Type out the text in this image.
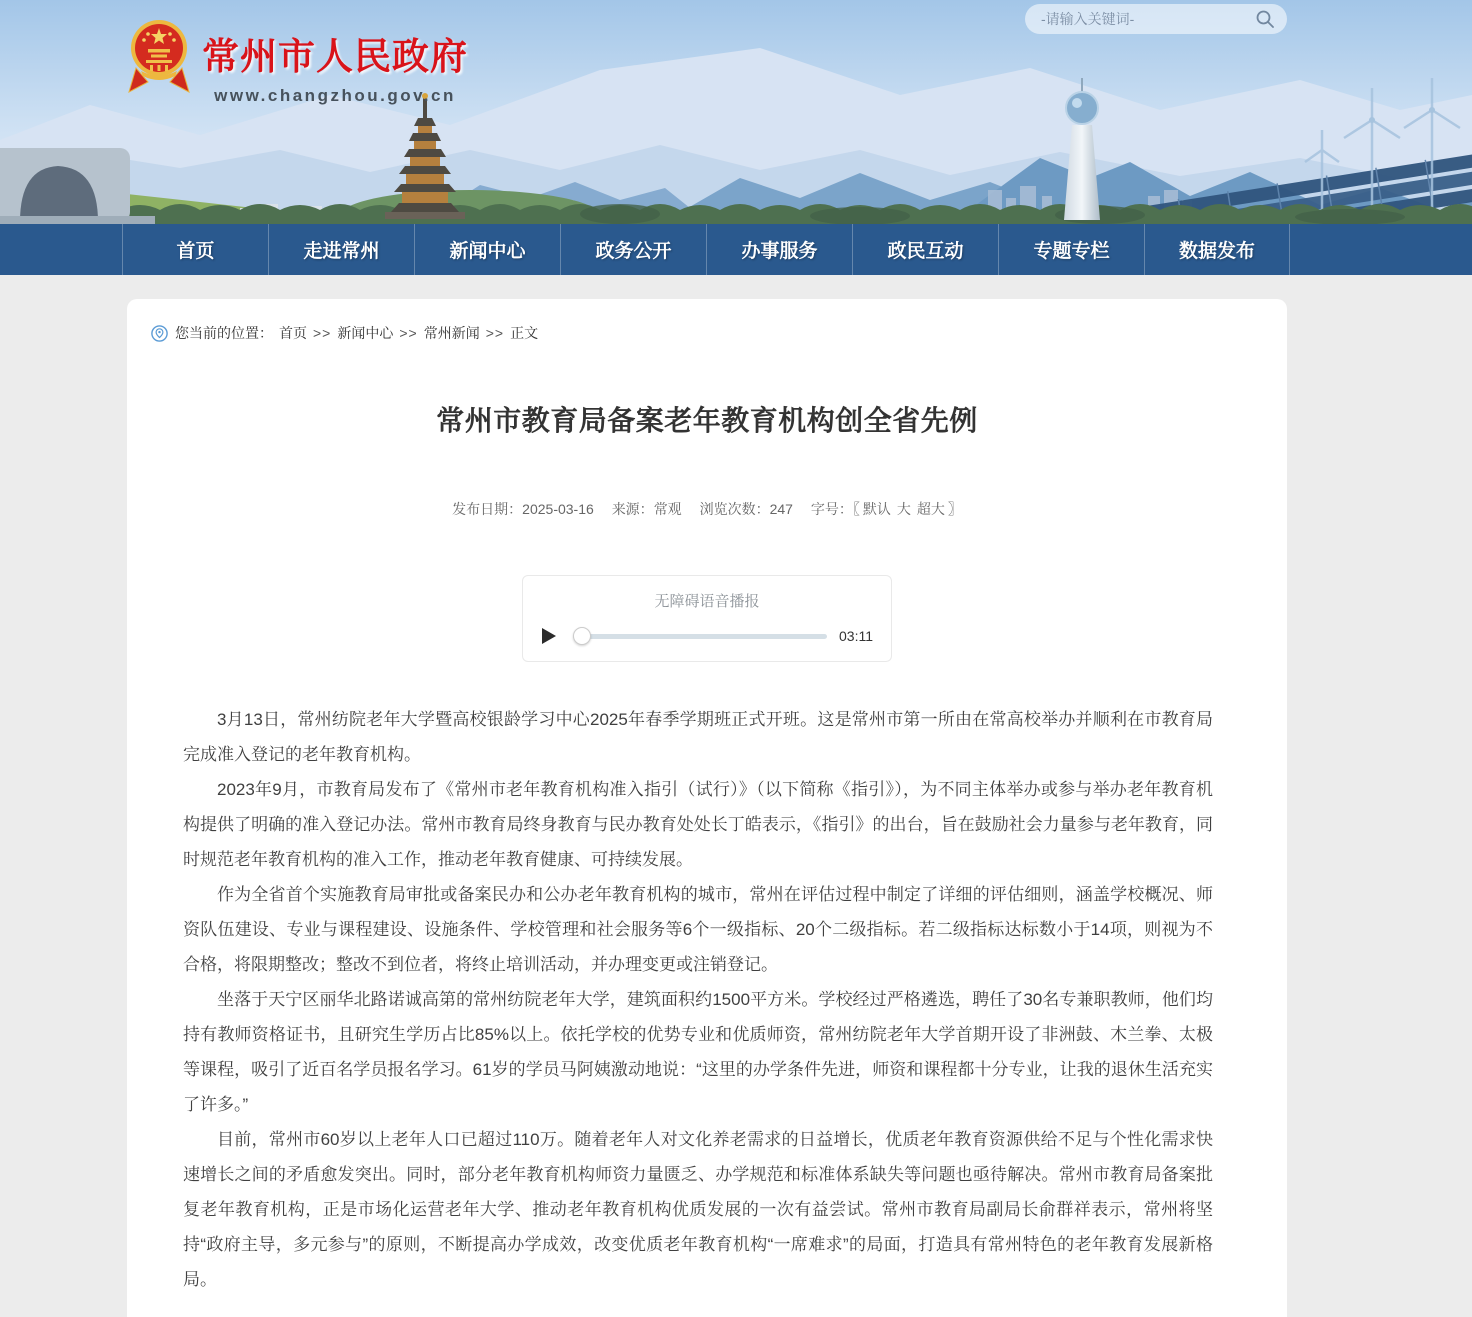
常州市人民政府
www.changzhou.gov.cn
-请输入关键词-
首页	走进常州	新闻中心	政务公开	办事服务	政民互动	专题专栏	数据发布
您当前的位置： 首页 >> 新闻中心 >> 常州新闻 >> 正文
常州市教育局备案老年教育机构创全省先例
发布日期：2025-03-16 来源：常观 浏览次数：247 字号：〖 默认 大 超大 〗
无障碍语音播报
03:11

3月13日，常州纺院老年大学暨高校银龄学习中心2025年春季学期班正式开班。这是常州市第一所由在常高校举办并顺利在市教育局完成准入登记的老年教育机构。

2023年9月，市教育局发布了《常州市老年教育机构准入指引（试行）》（以下简称《指引》），为不同主体举办或参与举办老年教育机构提供了明确的准入登记办法。常州市教育局终身教育与民办教育处处长丁皓表示，《指引》的出台，旨在鼓励社会力量参与老年教育，同时规范老年教育机构的准入工作，推动老年教育健康、可持续发展。

作为全省首个实施教育局审批或备案民办和公办老年教育机构的城市，常州在评估过程中制定了详细的评估细则，涵盖学校概况、师资队伍建设、专业与课程建设、设施条件、学校管理和社会服务等6个一级指标、20个二级指标。若二级指标达标数小于14项，则视为不合格，将限期整改；整改不到位者，将终止培训活动，并办理变更或注销登记。

坐落于天宁区丽华北路诺诚高第的常州纺院老年大学，建筑面积约1500平方米。学校经过严格遴选，聘任了30名专兼职教师，他们均持有教师资格证书，且研究生学历占比85%以上。依托学校的优势专业和优质师资，常州纺院老年大学首期开设了非洲鼓、木兰拳、太极等课程，吸引了近百名学员报名学习。61岁的学员马阿姨激动地说：“这里的办学条件先进，师资和课程都十分专业，让我的退休生活充实了许多。”

目前，常州市60岁以上老年人口已超过110万。随着老年人对文化养老需求的日益增长，优质老年教育资源供给不足与个性化需求快速增长之间的矛盾愈发突出。同时，部分老年教育机构师资力量匮乏、办学规范和标准体系缺失等问题也亟待解决。常州市教育局备案批复老年教育机构，正是市场化运营老年大学、推动老年教育机构优质发展的一次有益尝试。常州市教育局副局长俞群祥表示，常州将坚持“政府主导，多元参与”的原则，不断提高办学成效，改变优质老年教育机构“一席难求”的局面，打造具有常州特色的老年教育发展新格局。
